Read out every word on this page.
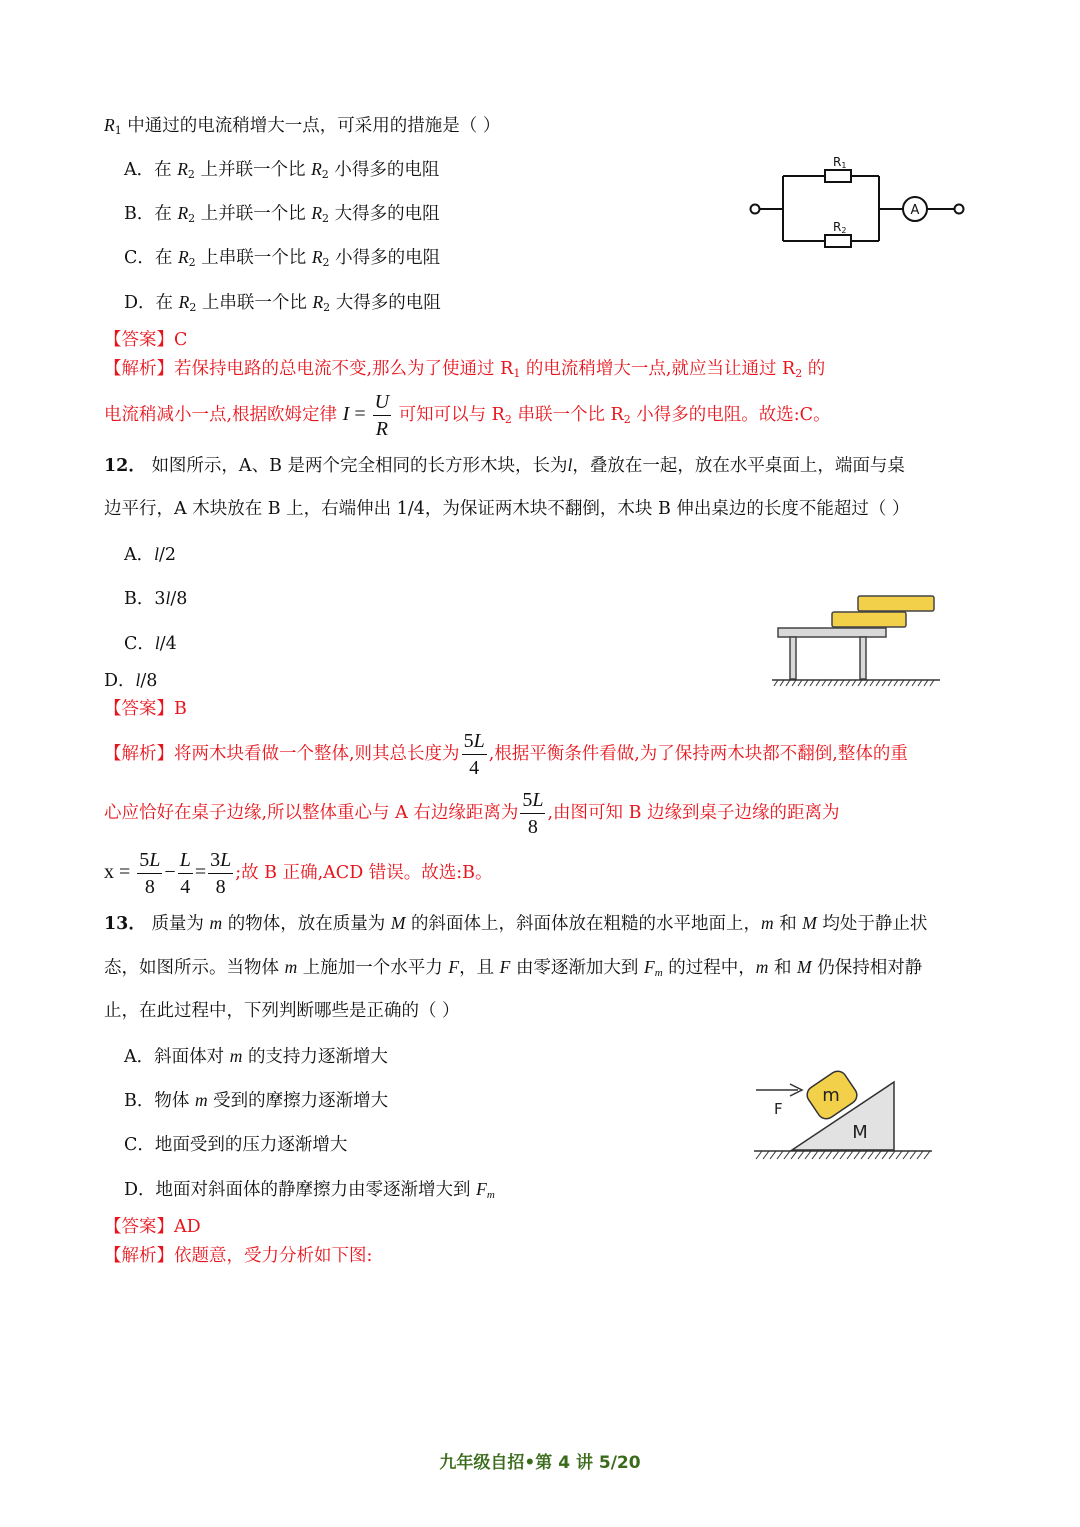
$R_1$ 中通过的电流稍增大一点，可采用的措施是（ ）
A．在 $R_2$ 上并联一个比 $R_2$ 小得多的电阻
B．在 $R_2$ 上并联一个比 $R_2$ 大得多的电阻
C．在 $R_2$ 上串联一个比 $R_2$ 小得多的电阻
D．在 $R_2$ 上串联一个比 $R_2$ 大得多的电阻
R1
R2
A
【答案】C
【解析】若保持电路的总电流不变,那么为了使通过 $R_1$ 的电流稍增大一点,就应当让通过 $R_2$ 的
电流稍减小一点,根据欧姆定律 $I = \frac{U}{R}$ 可知可以与 $R_2$ 串联一个比 $R_2$ 小得多的电阻。故选:C。
12． 如图所示，A、B 是两个完全相同的长方形木块，长为l，叠放在一起，放在水平桌面上，端面与桌
边平行，A 木块放在 B 上，右端伸出 1/4，为保证两木块不翻倒，木块 B 伸出桌边的长度不能超过（ ）
A．l/2
B．3l/8
C．l/4
D．l/8
【答案】B
【解析】将两木块看做一个整体,则其总长度为 $\frac{5L}{4}$ ,根据平衡条件看做,为了保持两木块都不翻倒,整体的重
心应恰好在桌子边缘,所以整体重心与 A 右边缘距离为 $\frac{5L}{8}$ ,由图可知 B 边缘到桌子边缘的距离为
$x = \frac{5L}{8} - \frac{L}{4} = \frac{3L}{8}$ ;故 B 正确,ACD 错误。故选:B。
13． 质量为 m 的物体，放在质量为 M 的斜面体上，斜面体放在粗糙的水平地面上，m 和 M 均处于静止状
态，如图所示。当物体 m 上施加一个水平力 F，且 F 由零逐渐加大到 $F_m$ 的过程中，m 和 M 仍保持相对静
止，在此过程中，下列判断哪些是正确的（ ）
A．斜面体对 m 的支持力逐渐增大
B．物体 m 受到的摩擦力逐渐增大
C．地面受到的压力逐渐增大
D．地面对斜面体的静摩擦力由零逐渐增大到 $F_m$
F
m
M
【答案】AD
【解析】依题意，受力分析如下图:
九年级自招•第 4 讲 5/20
